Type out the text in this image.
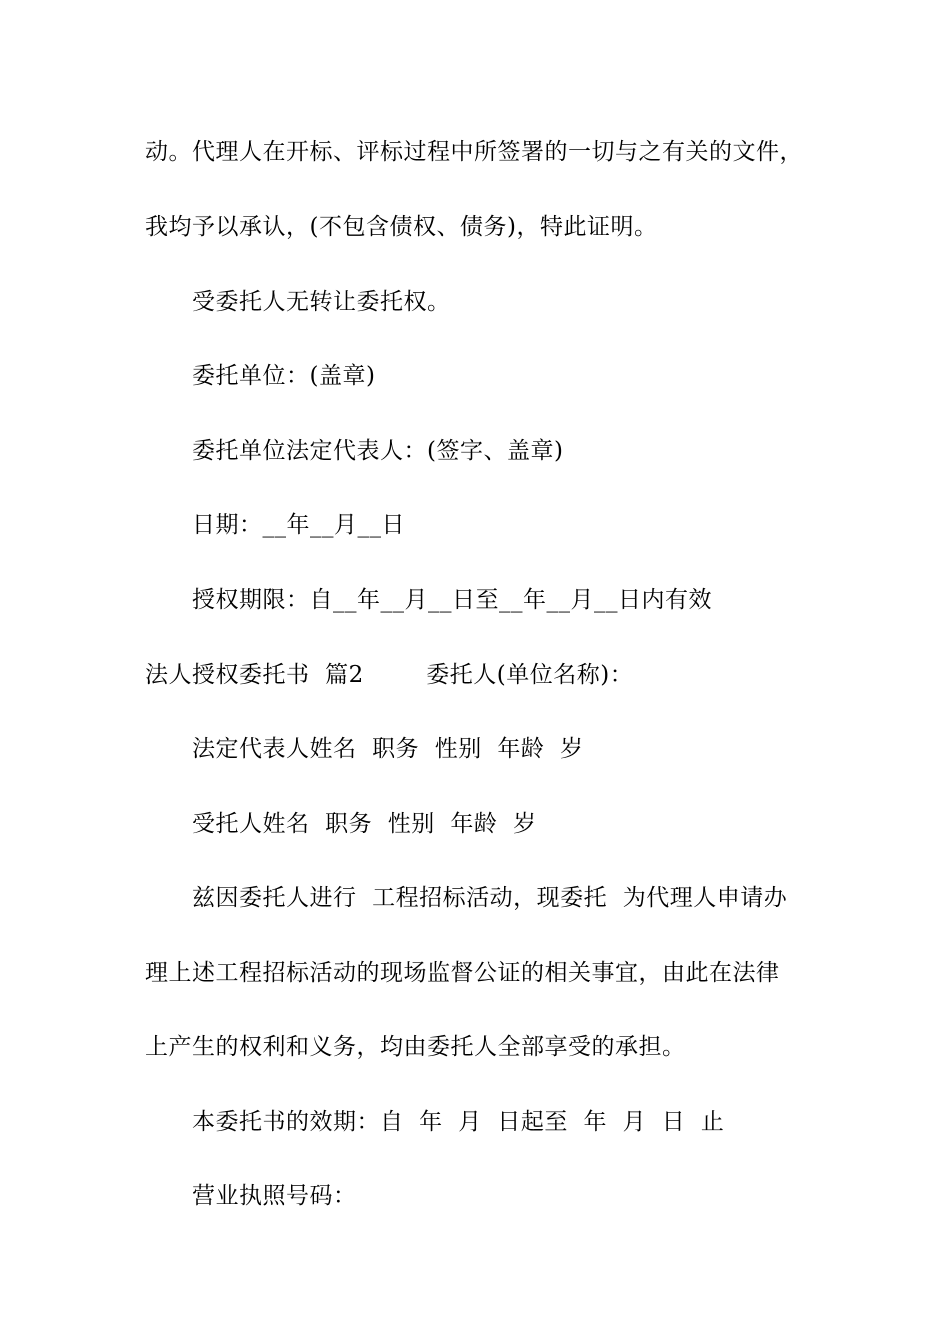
动。代理人在开标、评标过程中所签署的一切与之有关的文件，
我均予以承认，(不包含债权、债务)，特此证明。
受委托人无转让委托权。
委托单位：(盖章)
委托单位法定代表人：(签字、盖章)
日期：__年__月__日
授权期限：自__年__月__日至__年__月__日内有效
法人授权委托书  篇2        委托人(单位名称)：
法定代表人姓名  职务  性别  年龄  岁
受托人姓名  职务  性别  年龄  岁
兹因委托人进行  工程招标活动，现委托  为代理人申请办
理上述工程招标活动的现场监督公证的相关事宜，由此在法律
上产生的权利和义务，均由委托人全部享受的承担。
本委托书的效期：自  年  月  日起至  年  月  日  止
营业执照号码：
